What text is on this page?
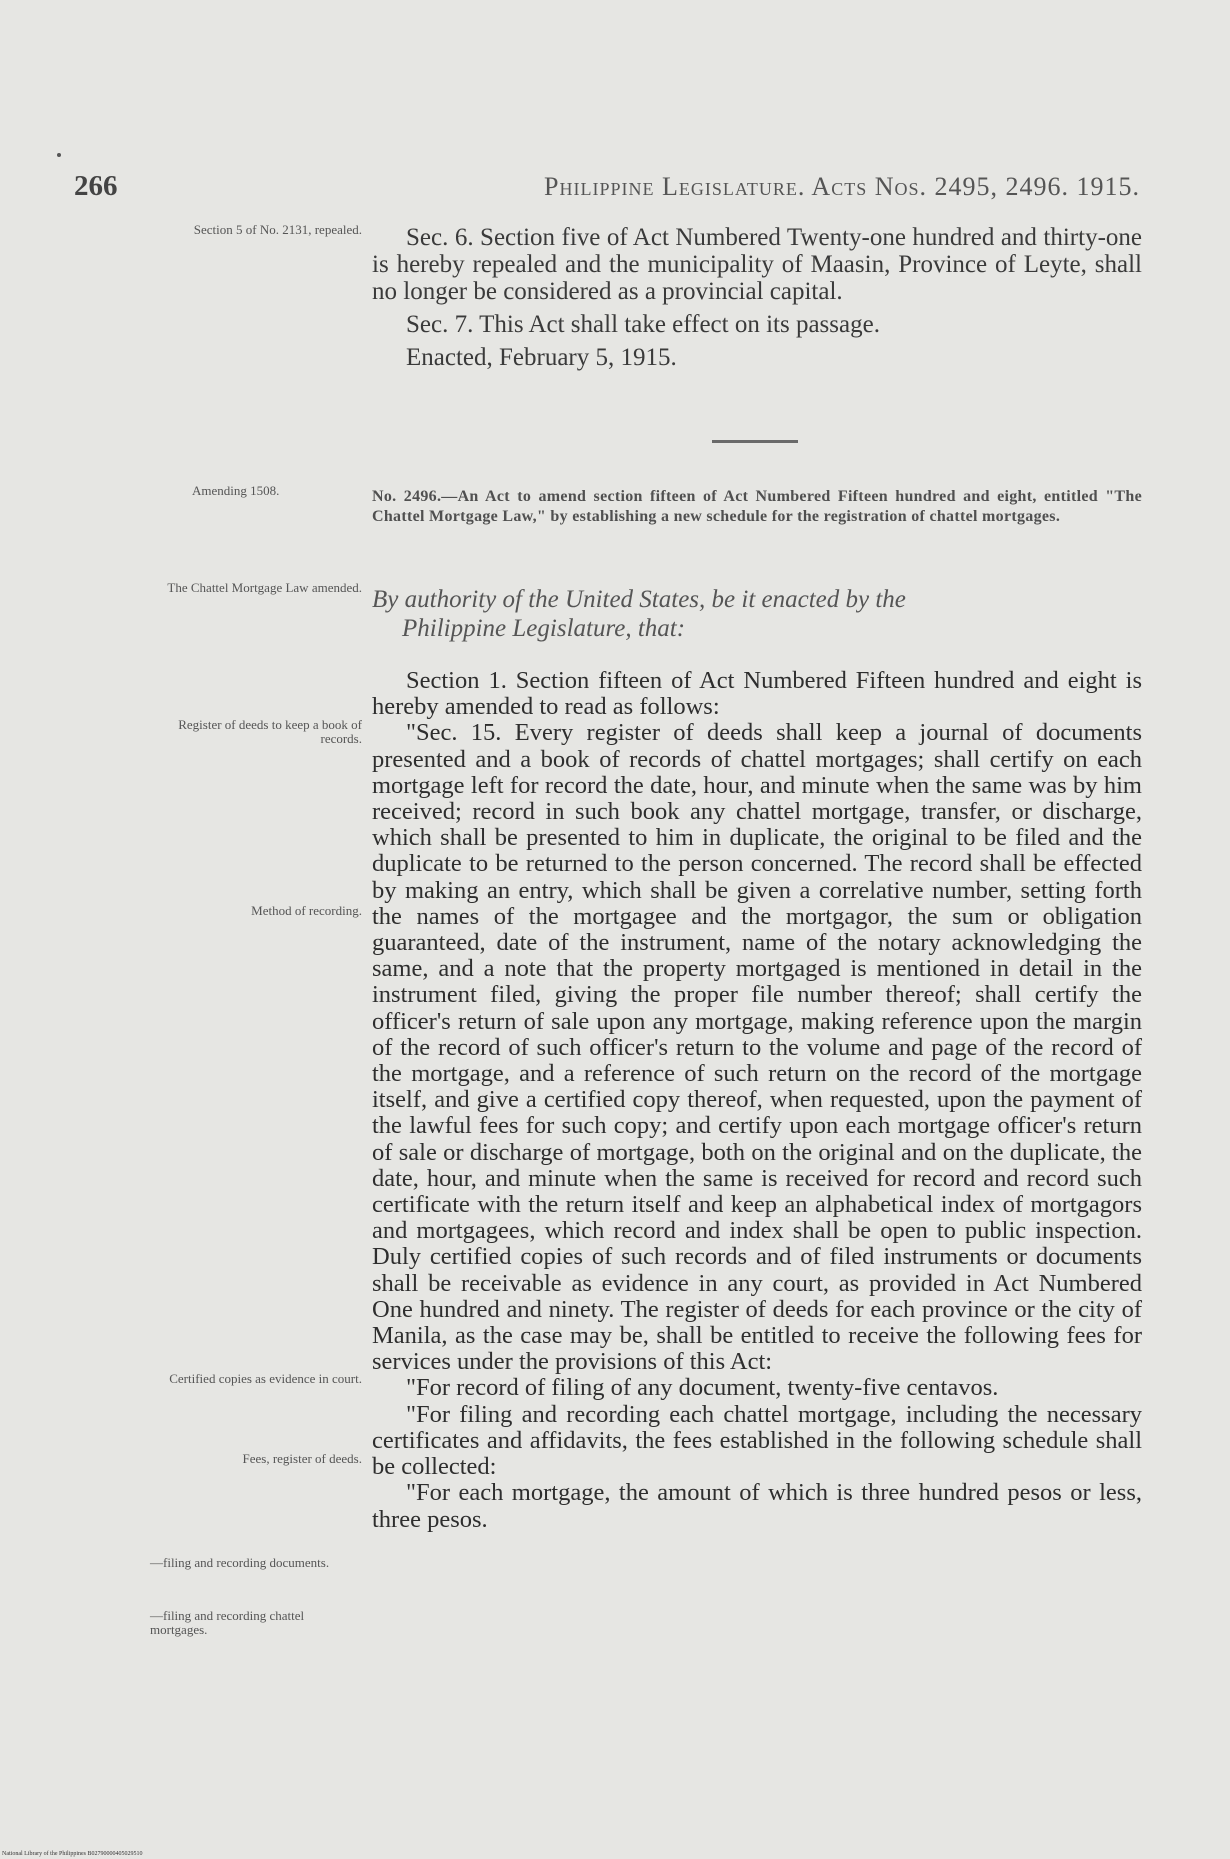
266	Philippine Legislature. Acts Nos. 2495, 2496. 1915.
Section 5 of No. 2131, repealed.	Sec. 6. Section five of Act Numbered Twenty-one hundred and thirty-one is hereby repealed and the municipality of Maasin, Province of Leyte, shall no longer be considered as a provincial capital.

Sec. 7. This Act shall take effect on its passage.

Enacted, February 5, 1915.

Amending 1508.	No. 2496.—An Act to amend section fifteen of Act Numbered Fifteen hundred and eight, entitled "The Chattel Mortgage Law," by establishing a new schedule for the registration of chattel mortgages.
The Chattel Mortgage Law amended. By authority of the United States, be it enacted by the
Philippine Legislature, that:
Register of deeds to keep a book of records.
Method of recording.
Certified copies as evidence in court.
Fees, register of deeds.
—filing and recording documents.
—filing and recording chattel mortgages.

Section 1. Section fifteen of Act Numbered Fifteen hundred and eight is hereby amended to read as follows:

"Sec. 15. Every register of deeds shall keep a journal of documents presented and a book of records of chattel mortgages; shall certify on each mortgage left for record the date, hour, and minute when the same was by him received; record in such book any chattel mortgage, transfer, or discharge, which shall be presented to him in duplicate, the original to be filed and the duplicate to be returned to the person concerned. The record shall be effected by making an entry, which shall be given a correlative number, setting forth the names of the mortgagee and the mortgagor, the sum or obligation guaranteed, date of the instrument, name of the notary acknowledging the same, and a note that the property mortgaged is mentioned in detail in the instrument filed, giving the proper file number thereof; shall certify the officer's return of sale upon any mortgage, making reference upon the margin of the record of such officer's return to the volume and page of the record of the mortgage, and a reference of such return on the record of the mortgage itself, and give a certified copy thereof, when requested, upon the payment of the lawful fees for such copy; and certify upon each mortgage officer's return of sale or discharge of mortgage, both on the original and on the duplicate, the date, hour, and minute when the same is received for record and record such certificate with the return itself and keep an alphabetical index of mortgagors and mortgagees, which record and index shall be open to public inspection. Duly certified copies of such records and of filed instruments or documents shall be receivable as evidence in any court, as provided in Act Numbered One hundred and ninety. The register of deeds for each province or the city of Manila, as the case may be, shall be entitled to receive the following fees for services under the provisions of this Act:

"For record of filing of any document, twenty-five centavos.

"For filing and recording each chattel mortgage, including the necessary certificates and affidavits, the fees established in the following schedule shall be collected:

"For each mortgage, the amount of which is three hundred pesos or less, three pesos.

National Library of the Philippines B02790000405029510
